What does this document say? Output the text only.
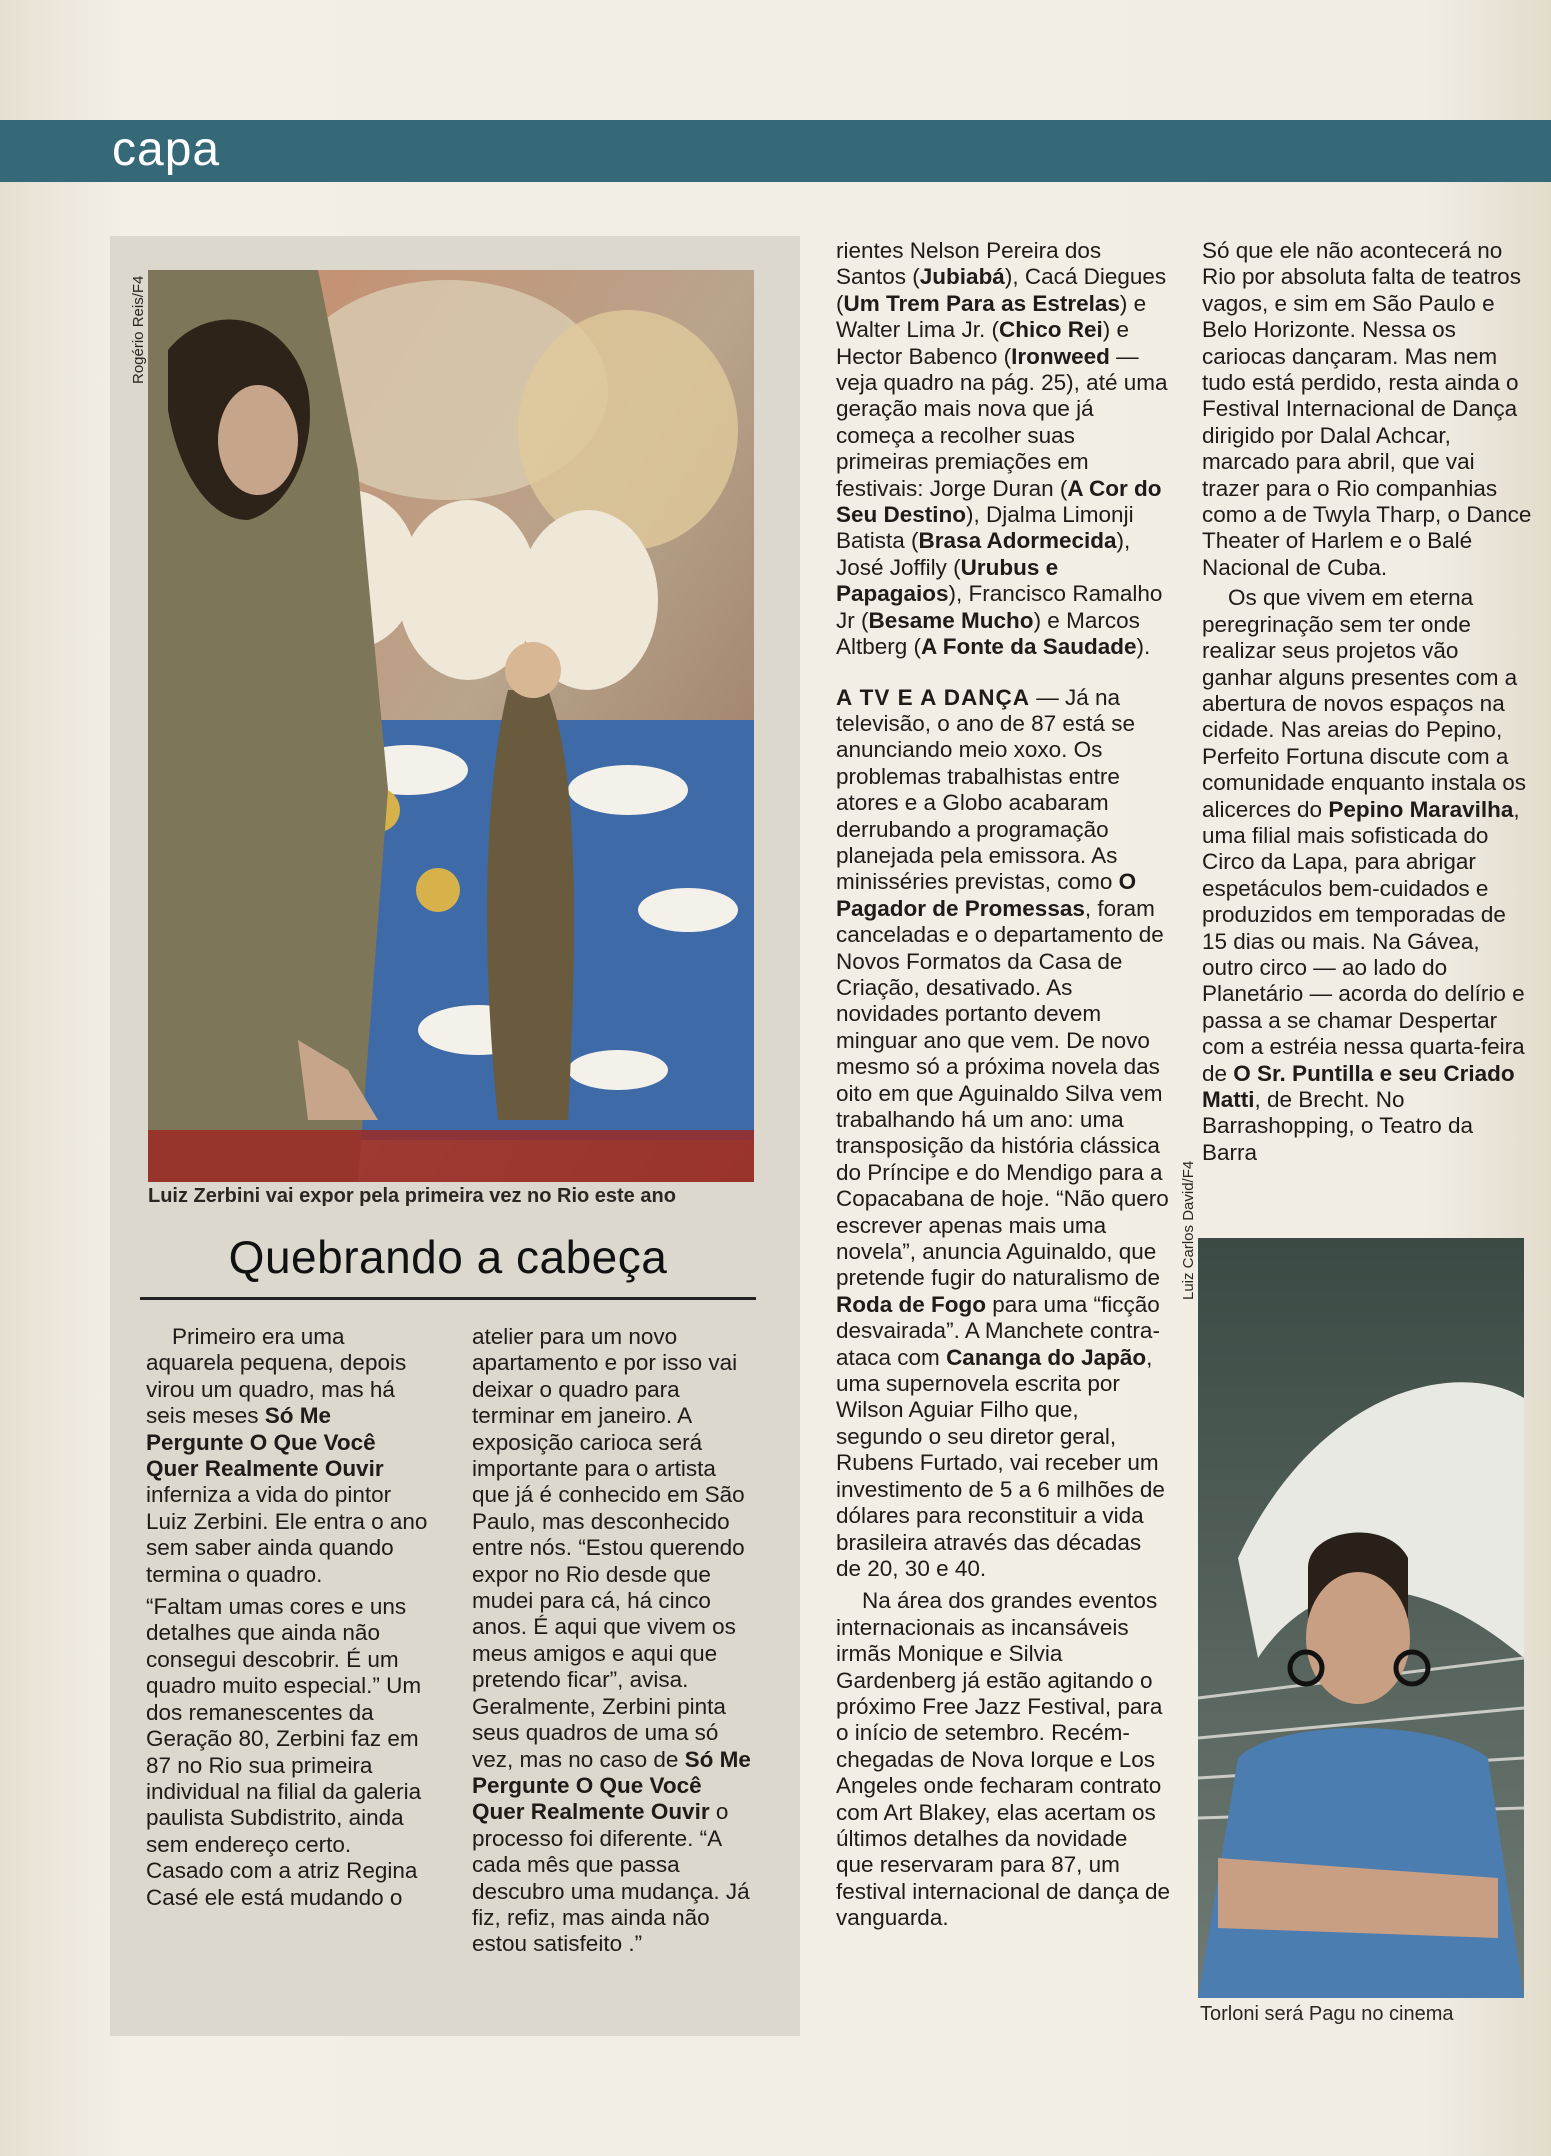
capa
Rogério Reis/F4
Luiz Zerbini vai expor pela primeira vez no Rio este ano
Quebrando a cabeça

Primeiro era uma aquarela pequena, depois virou um quadro, mas há seis meses Só Me Pergunte O Que Você Quer Realmente Ouvir inferniza a vida do pintor Luiz Zerbini. Ele entra o ano sem saber ainda quando termina o quadro.

“Faltam umas cores e uns detalhes que ainda não consegui descobrir. É um quadro muito especial.” Um dos remanescentes da Geração 80, Zerbini faz em 87 no Rio sua primeira individual na filial da galeria paulista Subdistrito, ainda sem endereço certo. Casado com a atriz Regina Casé ele está mudando o

atelier para um novo apartamento e por isso vai deixar o quadro para terminar em janeiro. A exposição carioca será importante para o artista que já é conhecido em São Paulo, mas desconhecido entre nós. “Estou querendo expor no Rio desde que mudei para cá, há cinco anos. É aqui que vivem os meus amigos e aqui que pretendo ficar”, avisa. Geralmente, Zerbini pinta seus quadros de uma só vez, mas no caso de Só Me Pergunte O Que Você Quer Realmente Ouvir o processo foi diferente. “A cada mês que passa descubro uma mudança. Já fiz, refiz, mas ainda não estou satisfeito .”

rientes Nelson Pereira dos Santos (Jubiabá), Cacá Diegues (Um Trem Para as Estrelas) e Walter Lima Jr. (Chico Rei) e Hector Babenco (Ironweed — veja quadro na pág. 25), até uma geração mais nova que já começa a recolher suas primeiras premiações em festivais: Jorge Duran (A Cor do Seu Destino), Djalma Limonji Batista (Brasa Adormecida), José Joffily (Urubus e Papagaios), Francisco Ramalho Jr (Besame Mucho) e Marcos Altberg (A Fonte da Saudade).

A TV E A DANÇA — Já na televisão, o ano de 87 está se anunciando meio xoxo. Os problemas trabalhistas entre atores e a Globo acabaram derrubando a programação planejada pela emissora. As minisséries previstas, como O Pagador de Promessas, foram canceladas e o departamento de Novos Formatos da Casa de Criação, desativado. As novidades portanto devem minguar ano que vem. De novo mesmo só a próxima novela das oito em que Aguinaldo Silva vem trabalhando há um ano: uma transposição da história clássica do Príncipe e do Mendigo para a Copacabana de hoje. “Não quero escrever apenas mais uma novela”, anuncia Aguinaldo, que pretende fugir do naturalismo de Roda de Fogo para uma “ficção desvairada”. A Manchete contra-ataca com Cananga do Japão, uma supernovela escrita por Wilson Aguiar Filho que, segundo o seu diretor geral, Rubens Furtado, vai receber um investimento de 5 a 6 milhões de dólares para reconstituir a vida brasileira através das décadas de 20, 30 e 40.

Na área dos grandes eventos internacionais as incansáveis irmãs Monique e Silvia Gardenberg já estão agitando o próximo Free Jazz Festival, para o início de setembro. Recém-chegadas de Nova Iorque e Los Angeles onde fecharam contrato com Art Blakey, elas acertam os últimos detalhes da novidade que reservaram para 87, um festival internacional de dança de vanguarda.

Só que ele não acontecerá no Rio por absoluta falta de teatros vagos, e sim em São Paulo e Belo Horizonte. Nessa os cariocas dançaram. Mas nem tudo está perdido, resta ainda o Festival Internacional de Dança dirigido por Dalal Achcar, marcado para abril, que vai trazer para o Rio companhias como a de Twyla Tharp, o Dance Theater of Harlem e o Balé Nacional de Cuba.

Os que vivem em eterna peregrinação sem ter onde realizar seus projetos vão ganhar alguns presentes com a abertura de novos espaços na cidade. Nas areias do Pepino, Perfeito Fortuna discute com a comunidade enquanto instala os alicerces do Pepino Maravilha, uma filial mais sofisticada do Circo da Lapa, para abrigar espetáculos bem-cuidados e produzidos em temporadas de 15 dias ou mais. Na Gávea, outro circo — ao lado do Planetário — acorda do delírio e passa a se chamar Despertar com a estréia nessa quarta-feira de O Sr. Puntilla e seu Criado Matti, de Brecht. No Barrashopping, o Teatro da Barra

Luiz Carlos David/F4
Torloni será Pagu no cinema
